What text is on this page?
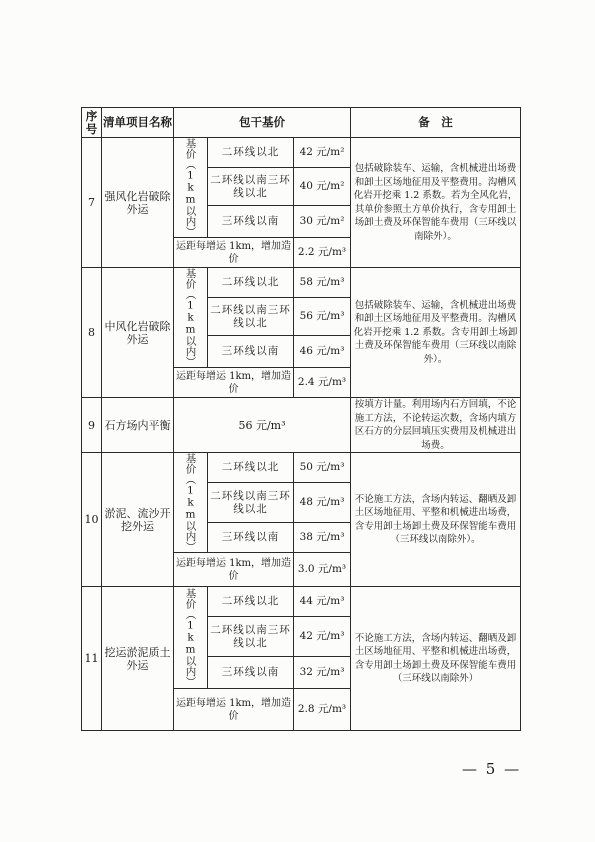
序号	清单项目名称	包干基价			备　注
7	强风化岩破除外运	基价（1km以内）	二环线以北	42 元/m²	包括破除装车、运输，含机械进出场费和卸土区场地征用及平整费用。沟槽风化岩开挖乘 1.2 系数。若为全风化岩，其单价参照土方单价执行，含专用卸土场卸土费及环保智能车费用（三环线以南除外）。
			二环线以南三环线以北	40 元/m²	
			三环线以南	30 元/m²	
		运距每增运 1km，增加造价		2.2 元/m³	
8	中风化岩破除外运	基价（1km以内）	二环线以北	58 元/m³	包括破除装车、运输，含机械进出场费和卸土区场地征用及平整费用。沟槽风化岩开挖乘 1.2 系数。含专用卸土场卸土费及环保智能车费用（三环线以南除外）。
			二环线以南三环线以北	56 元/m³	
			三环线以南	46 元/m³	
		运距每增运 1km，增加造价		2.4 元/m³	
9	石方场内平衡	56 元/m³			按填方计量。利用场内石方回填，不论施工方法，不论转运次数，含场内填方区石方的分层回填压实费用及机械进出场费。
10	淤泥、流沙开挖外运	基价（1km以内）	二环线以北	50 元/m³	不论施工方法，含场内转运、翻晒及卸土区场地征用、平整和机械进出场费，含专用卸土场卸土费及环保智能车费用（三环线以南除外）。
			二环线以南三环线以北	48 元/m³	
			三环线以南	38 元/m³	
		运距每增运 1km，增加造价		3.0 元/m³	
11	挖运淤泥质土外运	基价（1km以内）	二环线以北	44 元/m³	不论施工方法，含场内转运、翻晒及卸土区场地征用、平整和机械进出场费，含专用卸土场卸土费及环保智能车费用（三环线以南除外）
			二环线以南三环线以北	42 元/m³	
			三环线以南	32 元/m³	
		运距每增运 1km，增加造价		2.8 元/m³	
— 5 —
